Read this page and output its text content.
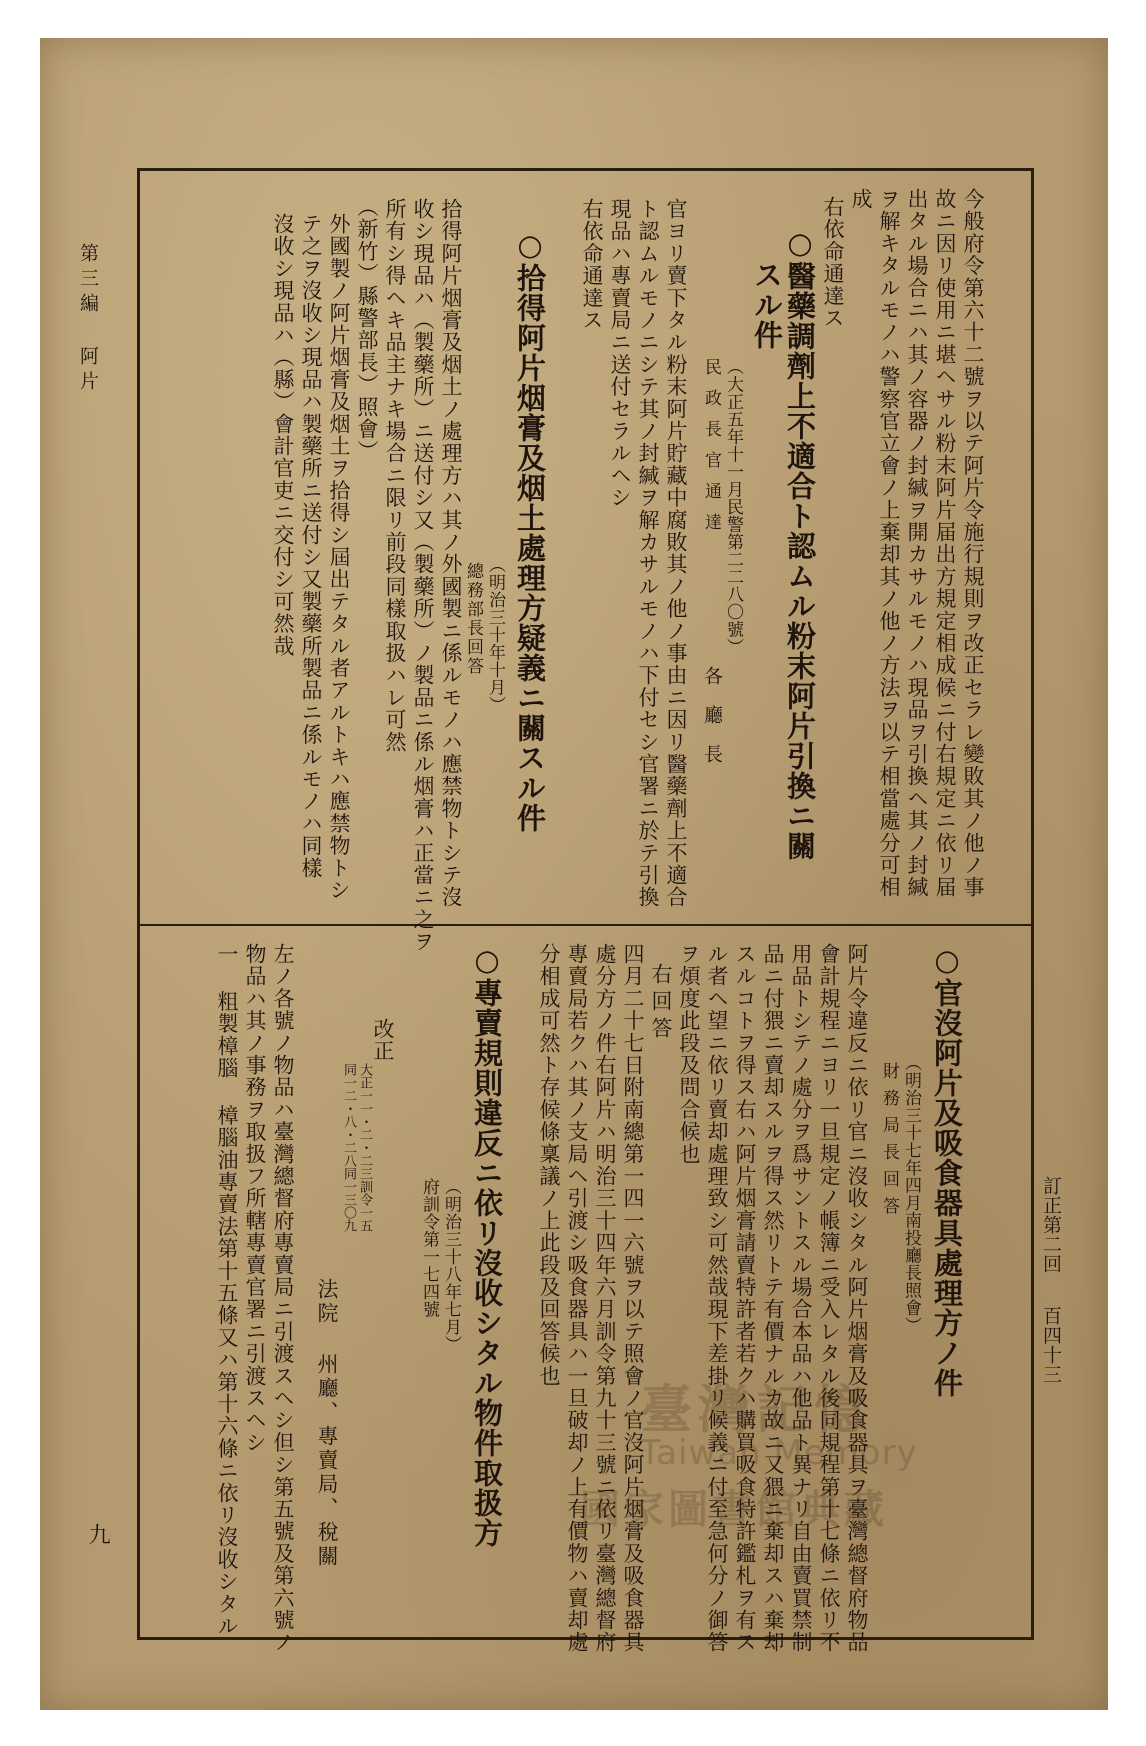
訂正第二回
百四十三
第三編 阿片
九
今般府令第六十二號ヲ以テ阿片令施行規則ヲ改正セラレ變敗其ノ他ノ事
故ニ因リ使用ニ堪ヘサル粉末阿片届出方規定相成候ニ付右規定ニ依リ届
出タル場合ニハ其ノ容器ノ封緘ヲ開カサルモノハ現品ヲ引換ヘ其ノ封緘
ヲ解キタルモノハ警察官立會ノ上棄却其ノ他ノ方法ヲ以テ相當處分可相
成
右依命通達ス
○醫藥調劑上不適合ト認ムル粉末阿片引換ニ關
スル件
（大正五年十一月民警第二二八〇號）
民政長官通達
各廳長
官ヨリ賣下タル粉末阿片貯藏中腐敗其ノ他ノ事由ニ因リ醫藥劑上不適合
ト認ムルモノニシテ其ノ封緘ヲ解カサルモノハ下付セシ官署ニ於テ引換
現品ハ專賣局ニ送付セラルヘシ
右依命通達ス
○拾得阿片烟膏及烟土處理方疑義ニ關スル件
（明治三十年十月）
總務部長回答
拾得阿片烟膏及烟土ノ處理方ハ其ノ外國製ニ係ルモノハ應禁物トシテ沒
收シ現品ハ（製藥所）ニ送付シ又（製藥所）ノ製品ニ係ル烟膏ハ正當ニ之ヲ
所有シ得ヘキ品主ナキ場合ニ限リ前段同樣取扱ハレ可然
（新竹）縣警部長）照會）
外國製ノ阿片烟膏及烟土ヲ拾得シ屆出テタル者アルトキハ應禁物トシ
テ之ヲ沒收シ現品ハ製藥所ニ送付シ又製藥所製品ニ係ルモノハ同樣
沒收シ現品ハ（縣）會計官吏ニ交付シ可然哉
○官沒阿片及吸食器具處理方ノ件
（明治三十七年四月南投廳長照會）
財務局長回答
阿片令違反ニ依リ官ニ沒收シタル阿片烟膏及吸食器具ヲ臺灣總督府物品
會計規程ニヨリ一旦規定ノ帳簿ニ受入レタル後同規程第十七條ニ依リ不
用品トシテノ處分ヲ爲サントスル場合本品ハ他品ト異ナリ自由賣買禁制
品ニ付猥ニ賣却スルヲ得ス然リトテ有價ナルカ故ニ又猥ニ棄却スハ棄却
スルコトヲ得ス右ハ阿片烟膏請賣特許者若クハ購買吸食特許鑑札ヲ有ス
ル者ヘ望ニ依リ賣却處理致シ可然哉現下差掛リ候義ニ付至急何分ノ御答
ヲ煩度此段及問合候也
右回答
四月二十七日附南總第一四一六號ヲ以テ照會ノ官沒阿片烟膏及吸食器具
處分方ノ件右阿片ハ明治三十四年六月訓令第九十三號ニ依リ臺灣總督府
專賣局若クハ其ノ支局ヘ引渡シ吸食器具ハ一旦破却ノ上有價物ハ賣却處
分相成可然ト存候條稟議ノ上此段及回答候也
○專賣規則違反ニ依リ沒收シタル物件取扱方
（明治三十八年七月）
府訓令第一七四號
改正
大正一一・二・二三訓令一五
同一二・八・二八同一三〇九
法院 州廳、專賣局、稅關
左ノ各號ノ物品ハ臺灣總督府專賣局ニ引渡スヘシ但シ第五號及第六號ノ
物品ハ其ノ事務ヲ取扱フ所轄專賣官署ニ引渡スヘシ
一 粗製樟腦 樟腦油專賣法第十五條又ハ第十六條ニ依リ沒收シタル	臺灣記憶
Taiwan Memory
國家圖書館典藏
